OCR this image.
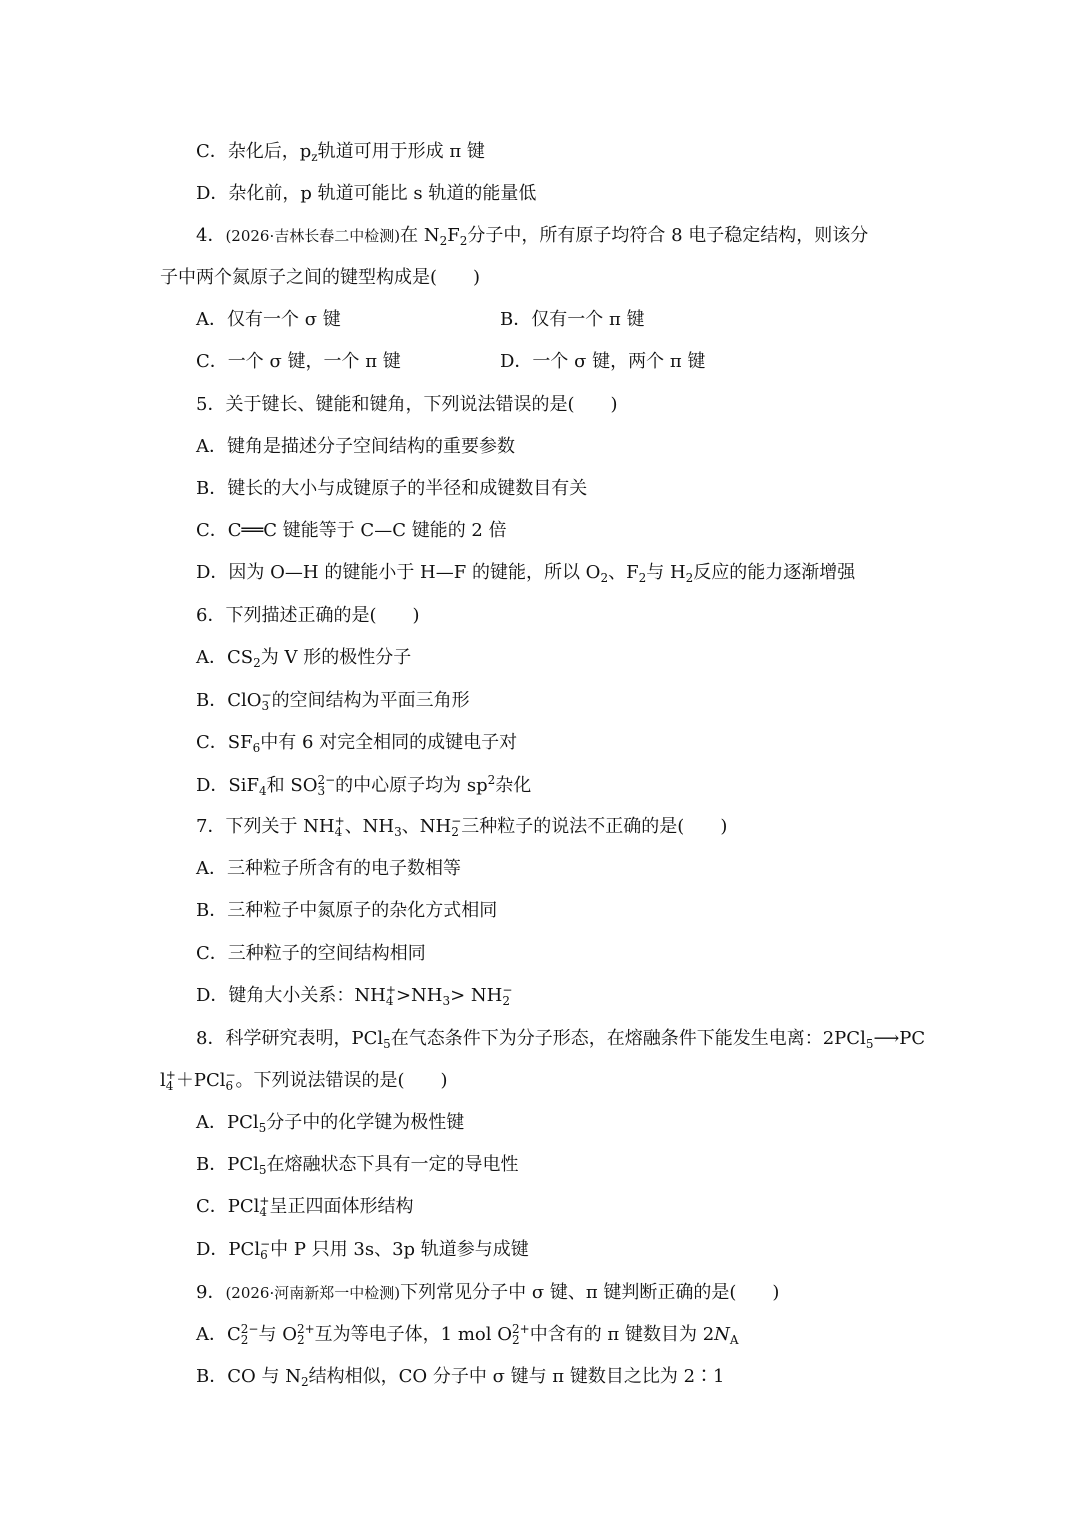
C．杂化后，$p_z$轨道可用于形成 π 键
D．杂化前，p 轨道可能比 s 轨道的能量低
4．(2026·吉林长春二中检测)在 $N_2F_2$分子中，所有原子均符合 8 电子稳定结构，则该分
子中两个氮原子之间的键型构成是(　　)
A．仅有一个 σ 键	B．仅有一个 π 键
C．一个 σ 键，一个 π 键	D．一个 σ 键，两个 π 键
5．关于键长、键能和键角，下列说法错误的是(　　)
A．键角是描述分子空间结构的重要参数
B．键长的大小与成键原子的半径和成键数目有关
C．C══C 键能等于 C—C 键能的 2 倍
D．因为 O—H 的键能小于 H—F 的键能，所以 $O_2$、$F_2$与 $H_2$反应的能力逐渐增强
6．下列描述正确的是(　　)
A．$CS_2$为 V 形的极性分子
B．ClO −
3 的空间结构为平面三角形
C．$SF_6$中有 6 对完全相同的成键电子对
D．SiF$_4$和 SO 2−
3 的中心原子均为 $sp^2$杂化
7．下列关于 NH +
4 、$NH_3$、NH −
2 三种粒子的说法不正确的是(　　)
A．三种粒子所含有的电子数相等
B．三种粒子中氮原子的杂化方式相同
C．三种粒子的空间结构相同
D．键角大小关系：NH +
$4 >NH_3>$ NH −
2
8．科学研究表明，PCl$_5$在气态条件下为分子形态，在熔融条件下能发生电离：2PCl$_5$⟶PC
l +
4 ＋PCl −
6 。下列说法错误的是(　　)
A．PCl$_5$分子中的化学键为极性键
B．PCl$_5$在熔融状态下具有一定的导电性
C．PCl +
4 呈正四面体形结构
D．PCl −
6 中 P 只用 3s、3p 轨道参与成键
9．(2026·河南新郑一中检测)下列常见分子中 σ 键、π 键判断正确的是(　　)
A．C 2−
2 与 O 2+
2 互为等电子体，1 mol O 2+
2 中含有的 π 键数目为 $2N_A$
B．CO 与 $N_2$结构相似，CO 分子中 σ 键与 π 键数目之比为 2∶1
